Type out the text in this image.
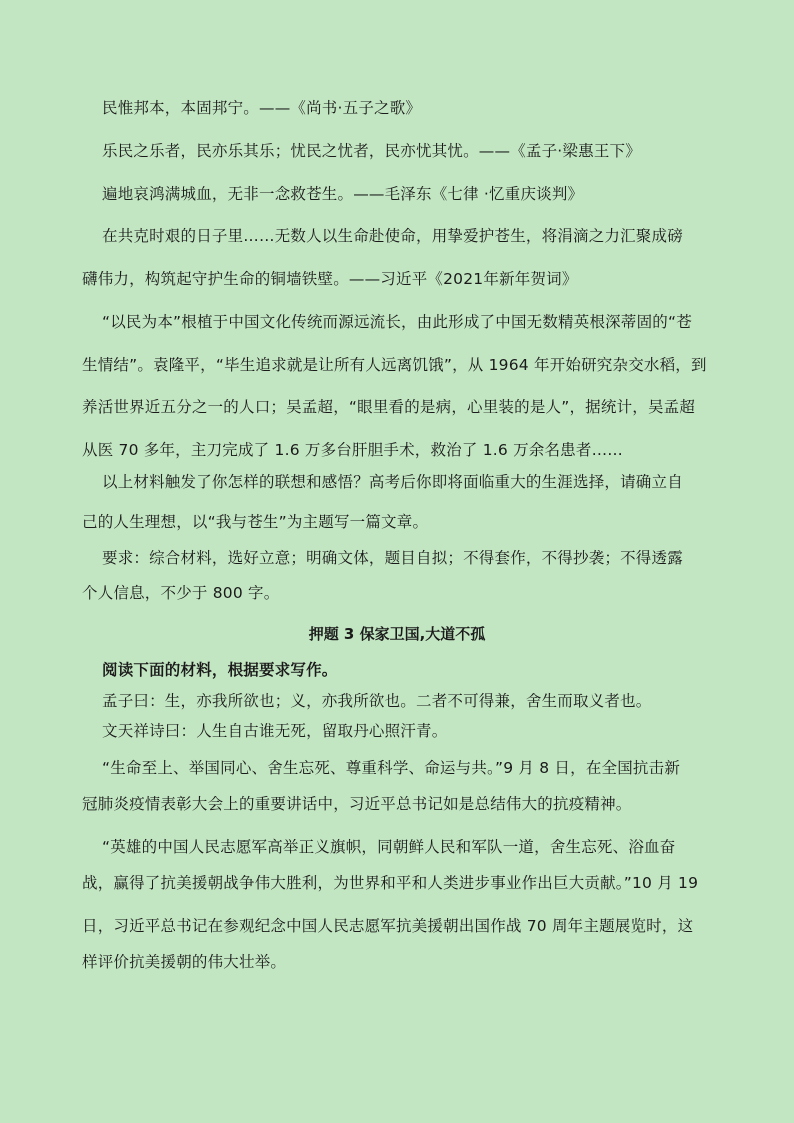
民惟邦本，本固邦宁。——《尚书·五子之歌》
乐民之乐者，民亦乐其乐；忧民之忧者，民亦忧其忧。——《孟子·梁惠王下》
遍地哀鸿满城血，无非一念救苍生。——毛泽东《七律 ·忆重庆谈判》
在共克时艰的日子里……无数人以生命赴使命，用挚爱护苍生，将涓滴之力汇聚成磅
礴伟力，构筑起守护生命的铜墙铁壁。——习近平《2021年新年贺词》
“以民为本”根植于中国文化传统而源远流长，由此形成了中国无数精英根深蒂固的“苍
生情结”。袁隆平，“毕生追求就是让所有人远离饥饿”，从 1964 年开始研究杂交水稻，到
养活世界近五分之一的人口；吴孟超，“眼里看的是病，心里装的是人”，据统计，吴孟超
从医 70 多年，主刀完成了 1.6 万多台肝胆手术，救治了 1.6 万余名患者……
以上材料触发了你怎样的联想和感悟？高考后你即将面临重大的生涯选择，请确立自
己的人生理想，以“我与苍生”为主题写一篇文章。
要求：综合材料，选好立意；明确文体，题目自拟；不得套作，不得抄袭；不得透露
个人信息，不少于 800 字。
押题 3 保家卫国,大道不孤
阅读下面的材料，根据要求写作。
孟子曰：生，亦我所欲也；义，亦我所欲也。二者不可得兼，舍生而取义者也。
文天祥诗曰：人生自古谁无死，留取丹心照汗青。
“生命至上、举国同心、舍生忘死、尊重科学、命运与共。”9 月 8 日，在全国抗击新
冠肺炎疫情表彰大会上的重要讲话中，习近平总书记如是总结伟大的抗疫精神。
“英雄的中国人民志愿军高举正义旗帜，同朝鲜人民和军队一道，舍生忘死、浴血奋
战，赢得了抗美援朝战争伟大胜利，为世界和平和人类进步事业作出巨大贡献。”10 月 19
日，习近平总书记在参观纪念中国人民志愿军抗美援朝出国作战 70 周年主题展览时，这
样评价抗美援朝的伟大壮举。
